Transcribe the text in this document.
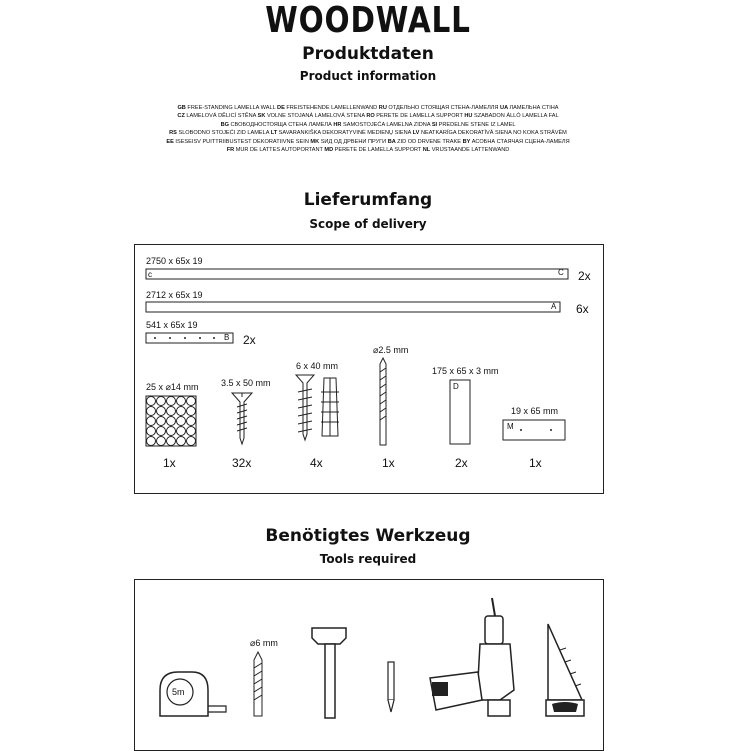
WOODWALL
Produktdaten
Product information
GB FREE-STANDING LAMELLA WALL DE FREISTEHENDE LAMELLENWAND RU ОТДЕЛЬНО СТОЯЩАЯ СТЕНА-ЛАМЕЛЛЯ UA ЛАМЕЛЬНА СТІНА
CZ LAMELOVÁ DĚLICÍ STĚNA SK VOLNE STOJANÁ LAMELOVÁ STENA RO PERETE DE LAMELLA SUPPORT HU SZABADON ÁLLÓ LAMELLA FAL
BG СВОБОДНОСТОЯЩА СТЕНА ЛАМЕЛА HR SAMOSTOJEĆA LAMELNA ZIDNA SI PREDELNE STENE IZ LAMEL
RS SLOBODNO STOJEĆI ZID LAMELA LT SAVARANKIŠKA DEKORATYVINĖ MEDIENŲ SIENA LV NEATKARĪGA DEKORATĪVĀ SIENA NO KOKA STRĀVĒM
EE ISESEISV PUITTRIIBUSTEST DEKORATIIVNE SEIN MK ЅИД ОД ДРВЕНИ ПРУГИ BA ZID OD DRVENE TRAKE BY АСОБНА СТАЯЧАЯ СЦЕНА-ЛАМЕЛЯ
FR MUR DE LATTES AUTOPORTANT MD PERETE DE LAMELLA SUPPORT NL VRIJSTAANDE LATTENWAND
Lieferumfang
Scope of delivery
2750 x 65x 19
c	C 2x
2712 x 65x 19
A 6x
541 x 65x 19
B 2x
25 x ⌀14 mm
1x
3.5 x 50 mm
32x
6 x 40 mm
4x
⌀2.5 mm
1x
175 x 65 x 3 mm
D
2x
19 x 65 mm
M
1x
Benötigtes Werkzeug
Tools required
5m
⌀6 mm
